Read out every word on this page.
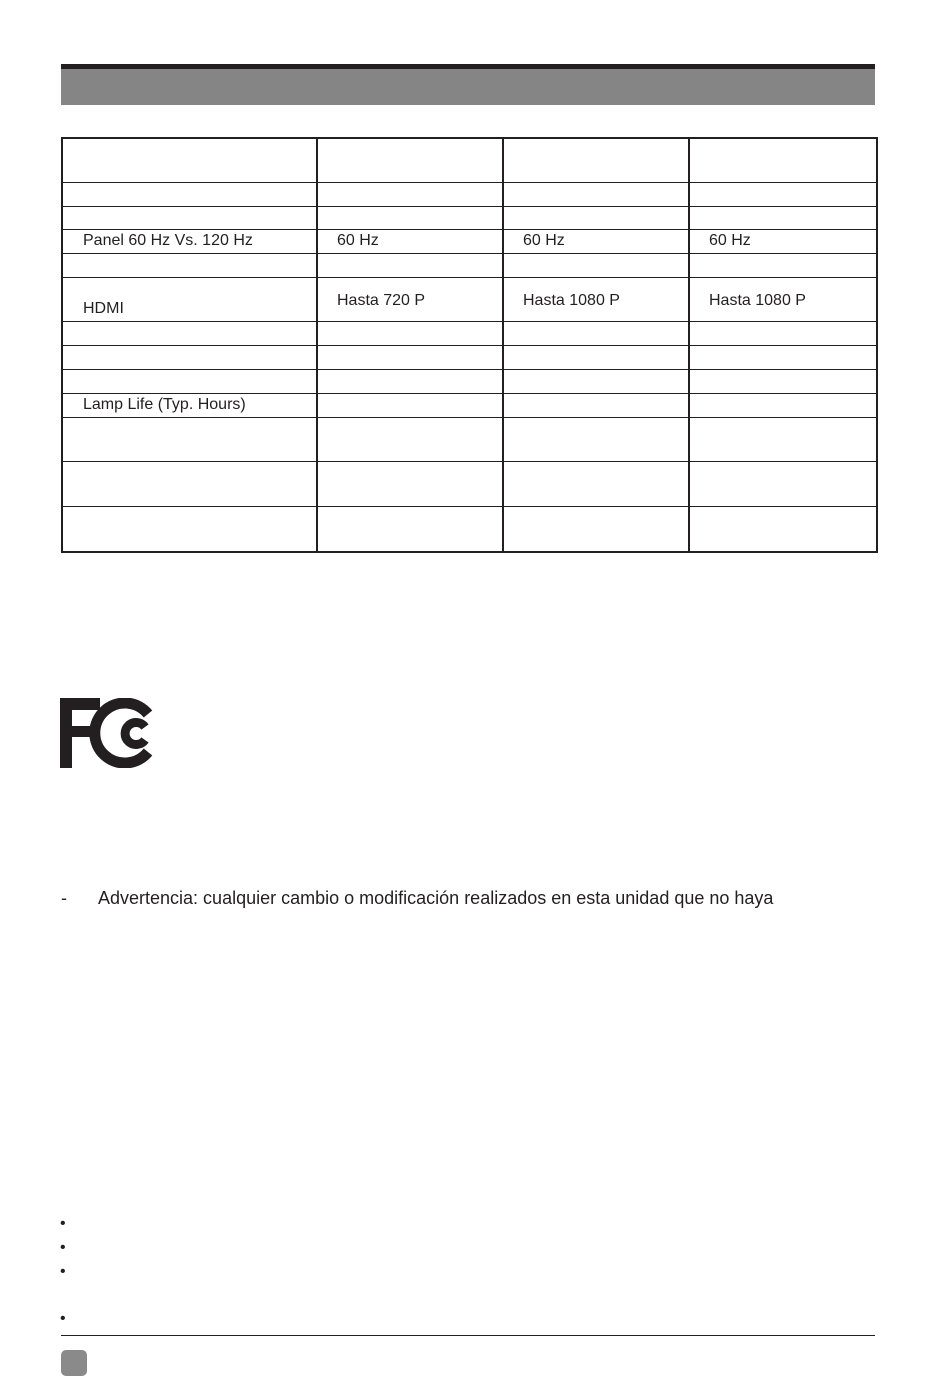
Panel 60 Hz Vs. 120 Hz	60 Hz	60 Hz	60 Hz

HDMI	Hasta 720 P	Hasta 1080 P	Hasta 1080 P

Lamp Life (Typ. Hours)			

- Advertencia: cualquier cambio o modificación realizados en esta unidad que no haya
•
•
•
•
